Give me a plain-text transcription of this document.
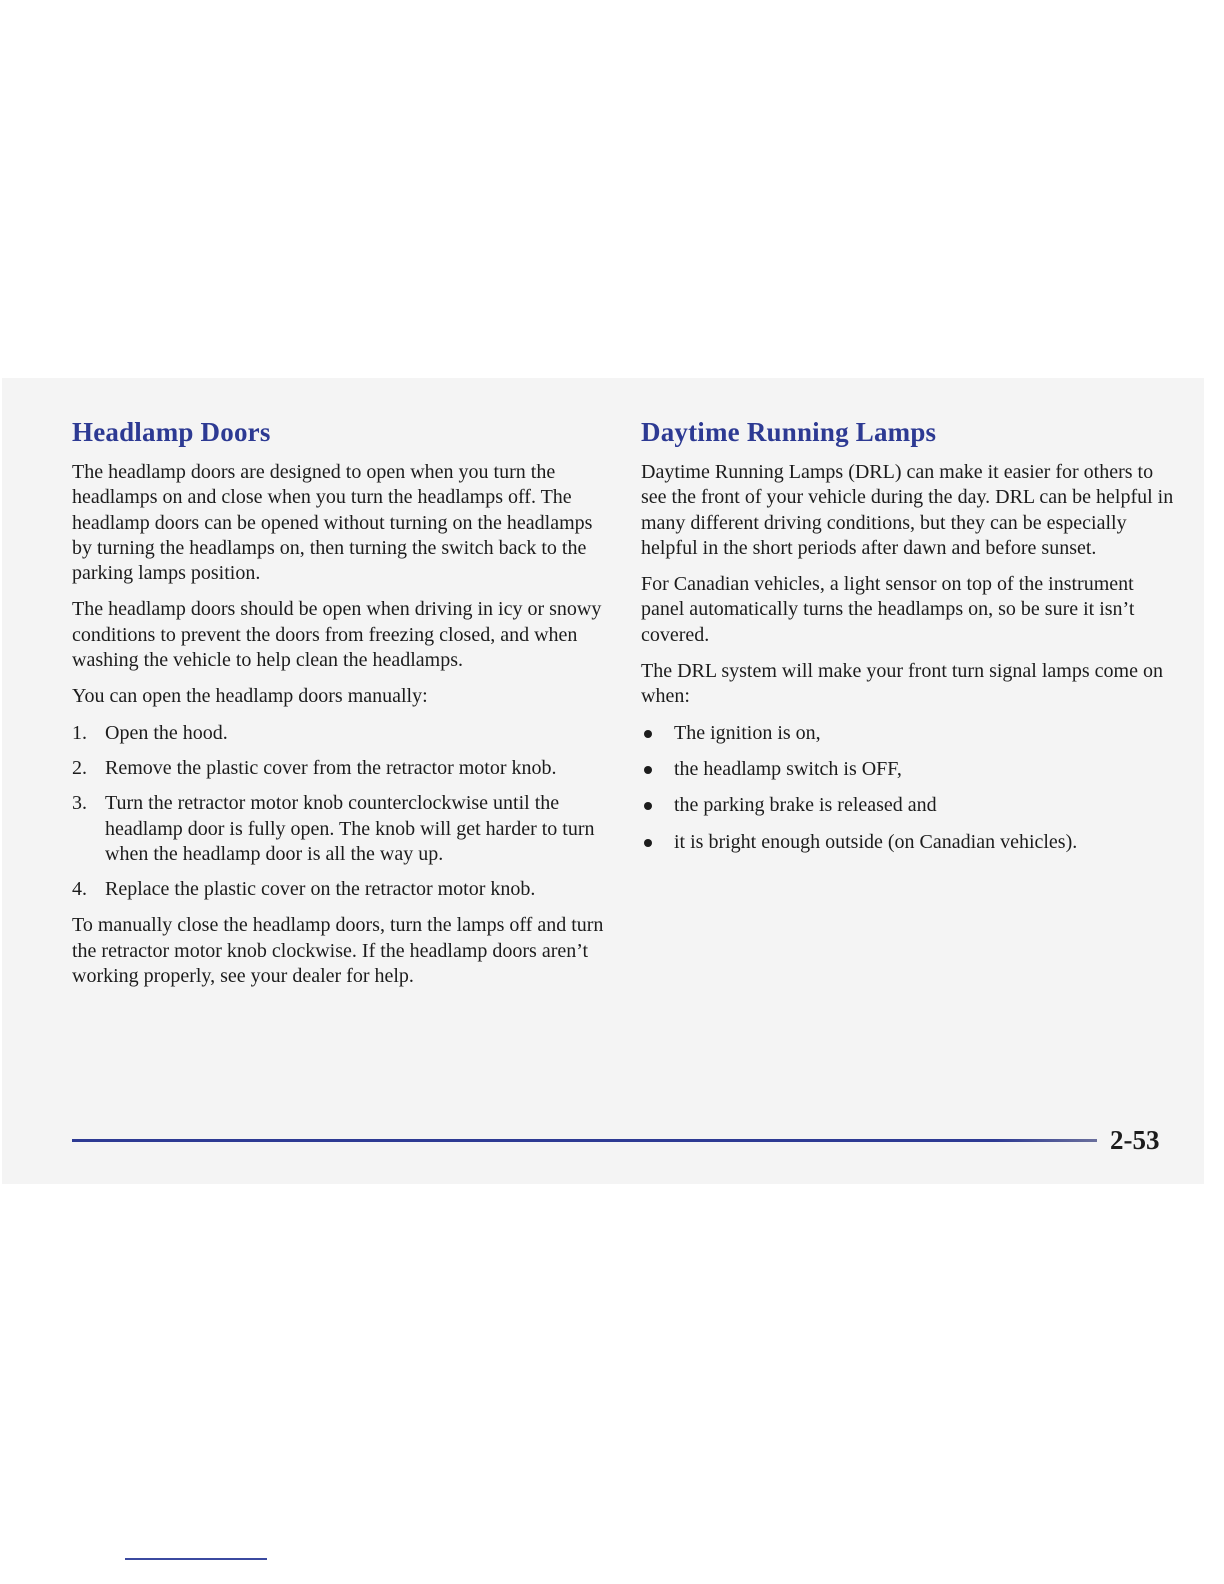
Headlamp Doors

The headlamp doors are designed to open when you turn the headlamps on and close when you turn the headlamps off. The headlamp doors can be opened without turning on the headlamps by turning the headlamps on, then turning the switch back to the parking lamps position.

The headlamp doors should be open when driving in icy or snowy conditions to prevent the doors from freezing closed, and when washing the vehicle to help clean the headlamps.

You can open the headlamp doors manually:

1. Open the hood.
2. Remove the plastic cover from the retractor motor knob.
3. Turn the retractor motor knob counterclockwise until the headlamp door is fully open. The knob will get harder to turn when the headlamp door is all the way up.
4. Replace the plastic cover on the retractor motor knob.

To manually close the headlamp doors, turn the lamps off and turn the retractor motor knob clockwise. If the headlamp doors aren’t working properly, see your dealer for help.

Daytime Running Lamps

Daytime Running Lamps (DRL) can make it easier for others to see the front of your vehicle during the day. DRL can be helpful in many different driving conditions, but they can be especially helpful in the short periods after dawn and before sunset.

For Canadian vehicles, a light sensor on top of the instrument panel automatically turns the headlamps on, so be sure it isn’t covered.

The DRL system will make your front turn signal lamps come on when:

The ignition is on,
the headlamp switch is OFF,
the parking brake is released and
it is bright enough outside (on Canadian vehicles).
2-53
